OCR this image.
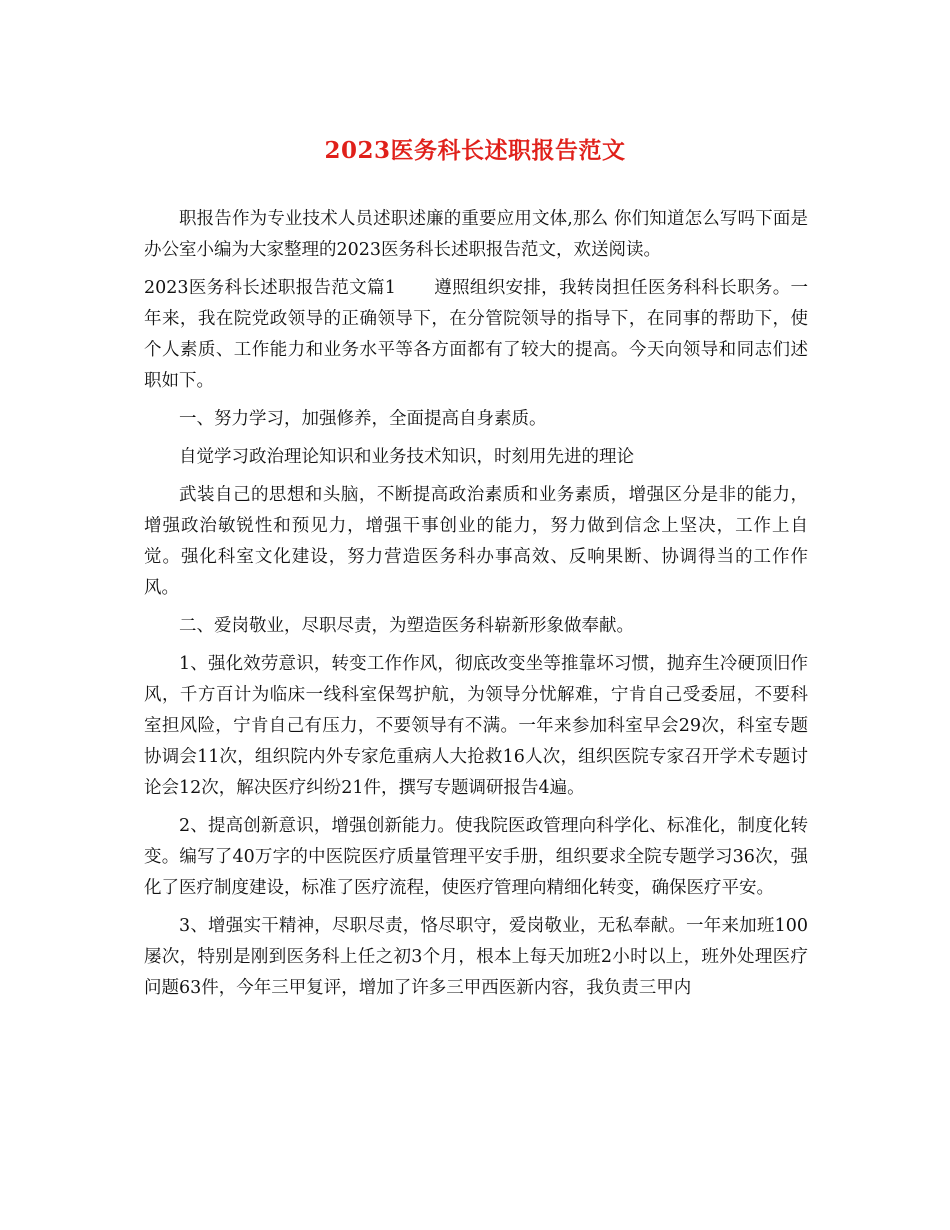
2023医务科长述职报告范文

职报告作为专业技术人员述职述廉的重要应用文体,那么 你们知道怎么写吗下面是办公室小编为大家整理的2023医务科长述职报告范文，欢送阅读。

2023医务科长述职报告范文篇1 遵照组织安排，我转岗担任医务科科长职务。一年来，我在院党政领导的正确领导下，在分管院领导的指导下，在同事的帮助下，使个人素质、工作能力和业务水平等各方面都有了较大的提高。今天向领导和同志们述职如下。

一、努力学习，加强修养，全面提高自身素质。

自觉学习政治理论知识和业务技术知识，时刻用先进的理论

武装自己的思想和头脑，不断提高政治素质和业务素质，增强区分是非的能力，增强政治敏锐性和预见力，增强干事创业的能力，努力做到信念上坚决，工作上自觉。强化科室文化建设，努力营造医务科办事高效、反响果断、协调得当的工作作风。

二、爱岗敬业，尽职尽责，为塑造医务科崭新形象做奉献。

1、强化效劳意识，转变工作作风，彻底改变坐等推靠坏习惯，抛弃生冷硬顶旧作风，千方百计为临床一线科室保驾护航，为领导分忧解难，宁肯自己受委屈，不要科室担风险，宁肯自己有压力，不要领导有不满。一年来参加科室早会29次，科室专题协调会11次，组织院内外专家危重病人大抢救16人次，组织医院专家召开学术专题讨论会12次，解决医疗纠纷21件，撰写专题调研报告4遍。

2、提高创新意识，增强创新能力。使我院医政管理向科学化、标准化，制度化转变。编写了40万字的中医院医疗质量管理平安手册，组织要求全院专题学习36次，强化了医疗制度建设，标准了医疗流程，使医疗管理向精细化转变，确保医疗平安。

3、增强实干精神，尽职尽责，恪尽职守，爱岗敬业，无私奉献。一年来加班100屡次，特别是刚到医务科上任之初3个月，根本上每天加班2小时以上，班外处理医疗问题63件，今年三甲复评，增加了许多三甲西医新内容，我负责三甲内
